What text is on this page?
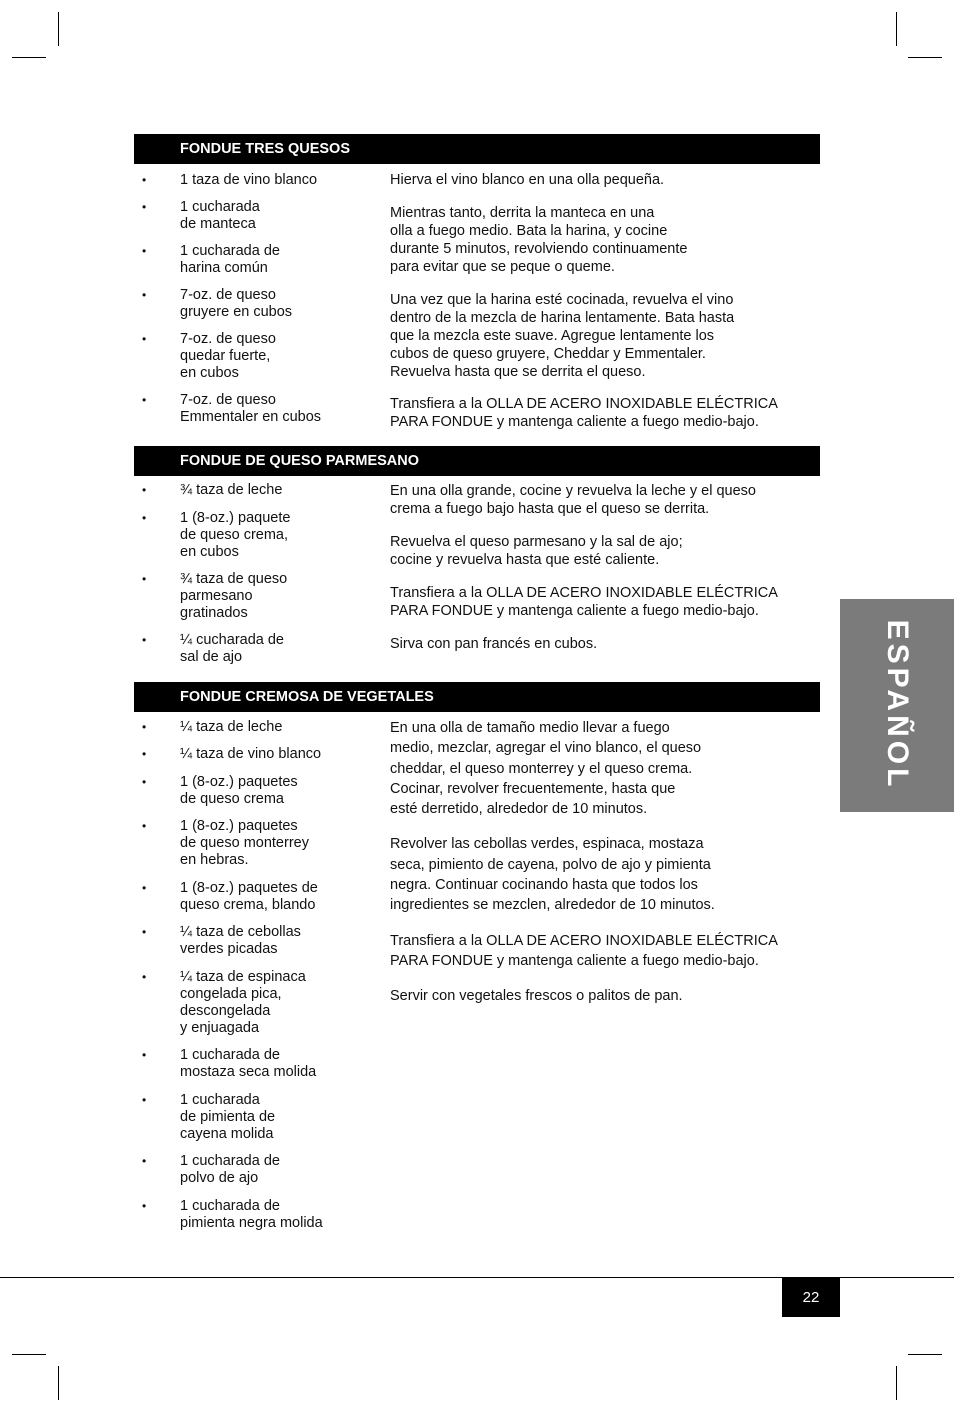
FONDUE TRES QUESOS
• 1 taza de vino blanco
• 1 cucharada
de manteca
• 1 cucharada de
harina común
• 7-oz. de queso
gruyere en cubos
• 7-oz. de queso
quedar fuerte,
en cubos
• 7-oz. de queso
Emmentaler en cubos

Hierva el vino blanco en una olla pequeña.

Mientras tanto, derrita la manteca en una
olla a fuego medio. Bata la harina, y cocine
durante 5 minutos, revolviendo continuamente
para evitar que se peque o queme.

Una vez que la harina esté cocinada, revuelva el vino
dentro de la mezcla de harina lentamente. Bata hasta
que la mezcla este suave. Agregue lentamente los
cubos de queso gruyere, Cheddar y Emmentaler.
Revuelva hasta que se derrita el queso.

Transfiera a la OLLA DE ACERO INOXIDABLE ELÉCTRICA
PARA FONDUE y mantenga caliente a fuego medio-bajo.

FONDUE DE QUESO PARMESANO
• ¾ taza de leche
• 1 (8-oz.) paquete
de queso crema,
en cubos
• ¾ taza de queso
parmesano
gratinados
• ¼ cucharada de
sal de ajo

En una olla grande, cocine y revuelva la leche y el queso
crema a fuego bajo hasta que el queso se derrita.

Revuelva el queso parmesano y la sal de ajo;
cocine y revuelva hasta que esté caliente.

Transfiera a la OLLA DE ACERO INOXIDABLE ELÉCTRICA
PARA FONDUE y mantenga caliente a fuego medio-bajo.

Sirva con pan francés en cubos.

FONDUE CREMOSA DE VEGETALES
• ¼ taza de leche
• ¼ taza de vino blanco
• 1 (8-oz.) paquetes
de queso crema
• 1 (8-oz.) paquetes
de queso monterrey
en hebras.
• 1 (8-oz.) paquetes de
queso crema, blando
• ¼ taza de cebollas
verdes picadas
• ¼ taza de espinaca
congelada pica,
descongelada
y enjuagada
• 1 cucharada de
mostaza seca molida
• 1 cucharada
de pimienta de
cayena molida
• 1 cucharada de
polvo de ajo
• 1 cucharada de
pimienta negra molida

En una olla de tamaño medio llevar a fuego
medio, mezclar, agregar el vino blanco, el queso
cheddar, el queso monterrey y el queso crema.
Cocinar, revolver frecuentemente, hasta que
esté derretido, alrededor de 10 minutos.

Revolver las cebollas verdes, espinaca, mostaza
seca, pimiento de cayena, polvo de ajo y pimienta
negra. Continuar cocinando hasta que todos los
ingredientes se mezclen, alrededor de 10 minutos.

Transfiera a la OLLA DE ACERO INOXIDABLE ELÉCTRICA
PARA FONDUE y mantenga caliente a fuego medio-bajo.

Servir con vegetales frescos o palitos de pan.

ESPAÑOL
22
